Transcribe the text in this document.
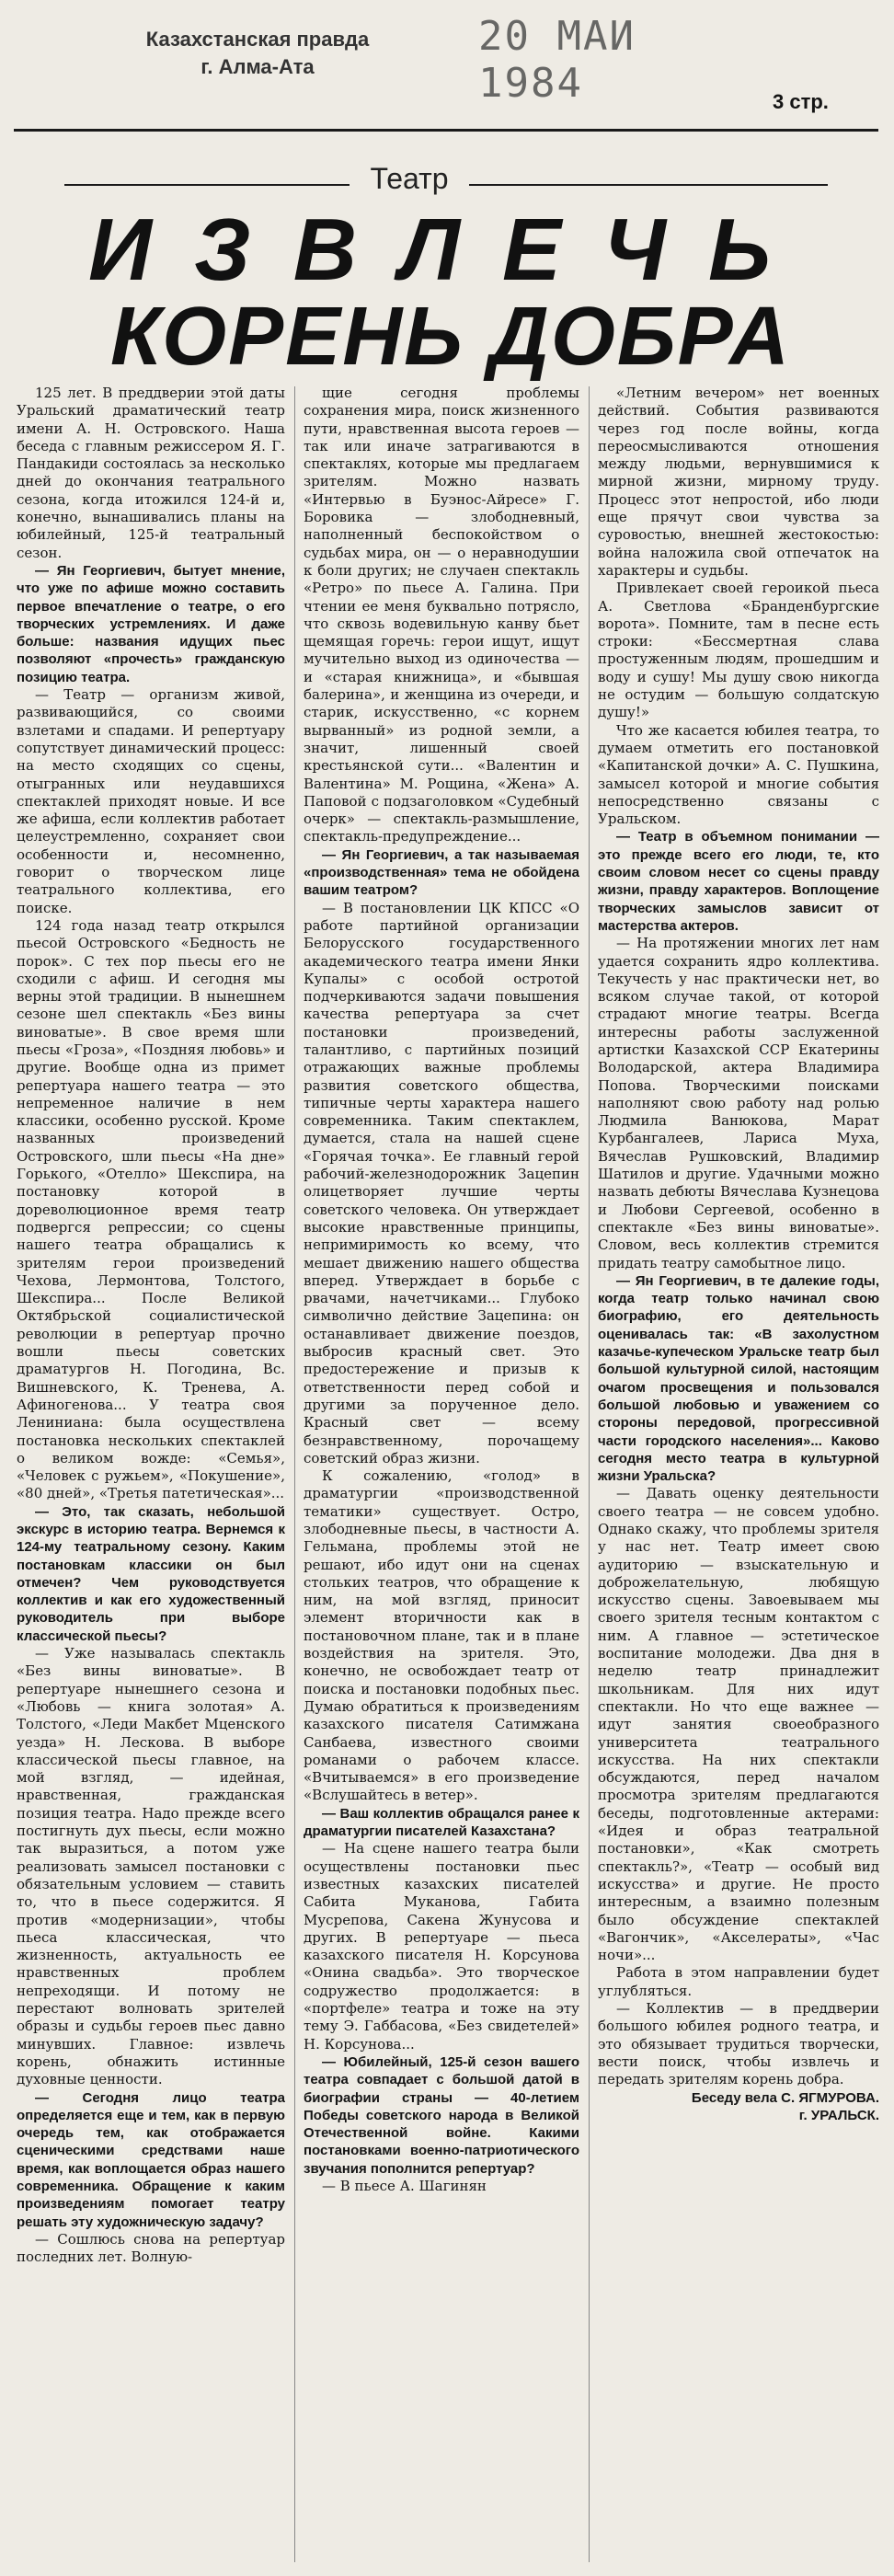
Казахстанская правда
г. Алма-Ата
20 МАИ 1984	3 стр.
Театр
ИЗВЛЕЧЬ
КОРЕНЬ ДОБРА

125 лет. В преддверии этой даты Уральский драматический театр имени А. Н. Островского. Наша беседа с главным режиссером Я. Г. Пандакиди состоялась за несколько дней до окончания театрального сезона, когда итожился 124-й и, конечно, вынашивались планы на юбилейный, 125-й театральный сезон.

— Ян Георгиевич, бытует мнение, что уже по афише можно составить первое впечатление о театре, о его творческих устремлениях. И даже больше: названия идущих пьес позволяют «прочесть» гражданскую позицию театра.

— Театр — организм живой, развивающийся, со своими взлетами и спадами. И репертуару сопутствует динамический процесс: на место сходящих со сцены, отыгранных или неудавшихся спектаклей приходят новые. И все же афиша, если коллектив работает целеустремленно, сохраняет свои особенности и, несомненно, говорит о творческом лице театрального коллектива, его поиске.

124 года назад театр открылся пьесой Островского «Бедность не порок». С тех пор пьесы его не сходили с афиш. И сегодня мы верны этой традиции. В нынешнем сезоне шел спектакль «Без вины виноватые». В свое время шли пьесы «Гроза», «Поздняя любовь» и другие. Вообще одна из примет репертуара нашего театра — это непременное наличие в нем классики, особенно русской. Кроме названных произведений Островского, шли пьесы «На дне» Горького, «Отелло» Шекспира, на постановку которой в дореволюционное время театр подвергся репрессии; со сцены нашего театра обращались к зрителям герои произведений Чехова, Лермонтова, Толстого, Шекспира... После Великой Октябрьской социалистической революции в репертуар прочно вошли пьесы советских драматургов Н. Погодина, Вс. Вишневского, К. Тренева, А. Афиногенова... У театра своя Лениниана: была осуществлена постановка нескольких спектаклей о великом вожде: «Семья», «Человек с ружьем», «Покушение», «80 дней», «Третья патетическая»...

— Это, так сказать, небольшой экскурс в историю театра. Вернемся к 124-му театральному сезону. Каким постановкам классики он был отмечен? Чем руководствуется коллектив и как его художественный руководитель при выборе классической пьесы?

— Уже называлась спектакль «Без вины виноватые». В репертуаре нынешнего сезона и «Любовь — книга золотая» А. Толстого, «Леди Макбет Мценского уезда» Н. Лескова. В выборе классической пьесы главное, на мой взгляд, — идейная, нравственная, гражданская позиция театра. Надо прежде всего постигнуть дух пьесы, если можно так выразиться, а потом уже реализовать замысел постановки с обязательным условием — ставить то, что в пьесе содержится. Я против «модернизации», чтобы пьеса классическая, что жизненность, актуальность ее нравственных проблем непреходящи. И потому не перестают волновать зрителей образы и судьбы героев пьес давно минувших. Главное: извлечь корень, обнажить истинные духовные ценности.

— Сегодня лицо театра определяется еще и тем, как в первую очередь тем, как отображается сценическими средствами наше время, как воплощается образ нашего современника. Обращение к каким произведениям помогает театру решать эту художническую задачу?

— Сошлюсь снова на репертуар последних лет. Волную-

щие сегодня проблемы сохранения мира, поиск жизненного пути, нравственная высота героев — так или иначе затрагиваются в спектаклях, которые мы предлагаем зрителям. Можно назвать «Интервью в Буэнос-Айресе» Г. Боровика — злободневный, наполненный беспокойством о судьбах мира, он — о неравнодушии к боли других; не случаен спектакль «Ретро» по пьесе А. Галина. При чтении ее меня буквально потрясло, что сквозь водевильную канву бьет щемящая горечь: герои ищут, ищут мучительно выход из одиночества — и «старая книжница», и «бывшая балерина», и женщина из очереди, и старик, искусственно, «с корнем вырванный» из родной земли, а значит, лишенный своей крестьянской сути... «Валентин и Валентина» М. Рощина, «Жена» А. Паповой с подзаголовком «Судебный очерк» — спектакль-размышление, спектакль-предупреждение...

— Ян Георгиевич, а так называемая «производственная» тема не обойдена вашим театром?

— В постановлении ЦК КПСС «О работе партийной организации Белорусского государственного академического театра имени Янки Купалы» с особой остротой подчеркиваются задачи повышения качества репертуара за счет постановки произведений, талантливо, с партийных позиций отражающих важные проблемы развития советского общества, типичные черты характера нашего современника. Таким спектаклем, думается, стала на нашей сцене «Горячая точка». Ее главный герой рабочий-железнодорожник Зацепин олицетворяет лучшие черты советского человека. Он утверждает высокие нравственные принципы, непримиримость ко всему, что мешает движению нашего общества вперед. Утверждает в борьбе с рвачами, начетчиками... Глубоко символично действие Зацепина: он останавливает движение поездов, выбросив красный свет. Это предостережение и призыв к ответственности перед собой и другими за порученное дело. Красный свет — всему безнравственному, порочащему советский образ жизни.

К сожалению, «голод» в драматургии «производственной тематики» существует. Остро, злободневные пьесы, в частности А. Гельмана, проблемы этой не решают, ибо идут они на сценах стольких театров, что обращение к ним, на мой взгляд, приносит элемент вторичности как в постановочном плане, так и в плане воздействия на зрителя. Это, конечно, не освобождает театр от поиска и постановки подобных пьес. Думаю обратиться к произведениям казахского писателя Сатимжана Санбаева, известного своими романами о рабочем классе. «Вчитываемся» в его произведение «Вслушайтесь в ветер».

— Ваш коллектив обращался ранее к драматургии писателей Казахстана?

— На сцене нашего театра были осуществлены постановки пьес известных казахских писателей Сабита Муканова, Габита Мусрепова, Сакена Жунусова и других. В репертуаре — пьеса казахского писателя Н. Корсунова «Онина свадьба». Это творческое содружество продолжается: в «портфеле» театра и тоже на эту тему Э. Габбасова, «Без свидетелей» Н. Корсунова...

— Юбилейный, 125-й сезон вашего театра совпадает с большой датой в биографии страны — 40-летием Победы советского народа в Великой Отечественной войне. Какими постановками военно-патриотического звучания пополнится репертуар?

— В пьесе А. Шагинян

«Летним вечером» нет военных действий. События развиваются через год после войны, когда переосмысливаются отношения между людьми, вернувшимися к мирной жизни, мирному труду. Процесс этот непростой, ибо люди еще прячут свои чувства за суровостью, внешней жестокостью: война наложила свой отпечаток на характеры и судьбы.

Привлекает своей героикой пьеса А. Светлова «Бранденбургские ворота». Помните, там в песне есть строки: «Бессмертная слава простуженным людям, прошедшим и воду и сушу! Мы душу свою никогда не остудим — большую солдатскую душу!»

Что же касается юбилея театра, то думаем отметить его постановкой «Капитанской дочки» А. С. Пушкина, замысел которой и многие события непосредственно связаны с Уральском.

— Театр в объемном понимании — это прежде всего его люди, те, кто своим словом несет со сцены правду жизни, правду характеров. Воплощение творческих замыслов зависит от мастерства актеров.

— На протяжении многих лет нам удается сохранить ядро коллектива. Текучесть у нас практически нет, во всяком случае такой, от которой страдают многие театры. Всегда интересны работы заслуженной артистки Казахской ССР Екатерины Володарской, актера Владимира Попова. Творческими поисками наполняют свою работу над ролью Людмила Ванюкова, Марат Курбангалеев, Лариса Муха, Вячеслав Рушковский, Владимир Шатилов и другие. Удачными можно назвать дебюты Вячеслава Кузнецова и Любови Сергеевой, особенно в спектакле «Без вины виноватые». Словом, весь коллектив стремится придать театру самобытное лицо.

— Ян Георгиевич, в те далекие годы, когда театр только начинал свою биографию, его деятельность оценивалась так: «В захолустном казачье-купеческом Уральске театр был большой культурной силой, настоящим очагом просвещения и пользовался большой любовью и уважением со стороны передовой, прогрессивной части городского населения»... Каково сегодня место театра в культурной жизни Уральска?

— Давать оценку деятельности своего театра — не совсем удобно. Однако скажу, что проблемы зрителя у нас нет. Театр имеет свою аудиторию — взыскательную и доброжелательную, любящую искусство сцены. Завоевываем мы своего зрителя тесным контактом с ним. А главное — эстетическое воспитание молодежи. Два дня в неделю театр принадлежит школьникам. Для них идут спектакли. Но что еще важнее — идут занятия своеобразного университета театрального искусства. На них спектакли обсуждаются, перед началом просмотра зрителям предлагаются беседы, подготовленные актерами: «Идея и образ театральной постановки», «Как смотреть спектакль?», «Театр — особый вид искусства» и другие. Не просто интересным, а взаимно полезным было обсуждение спектаклей «Вагончик», «Акселераты», «Час ночи»...

Работа в этом направлении будет углубляться.

— Коллектив — в преддверии большого юбилея родного театра, и это обязывает трудиться творчески, вести поиск, чтобы извлечь и передать зрителям корень добра.

Беседу вела С. ЯГМУРОВА.

г. УРАЛЬСК.
